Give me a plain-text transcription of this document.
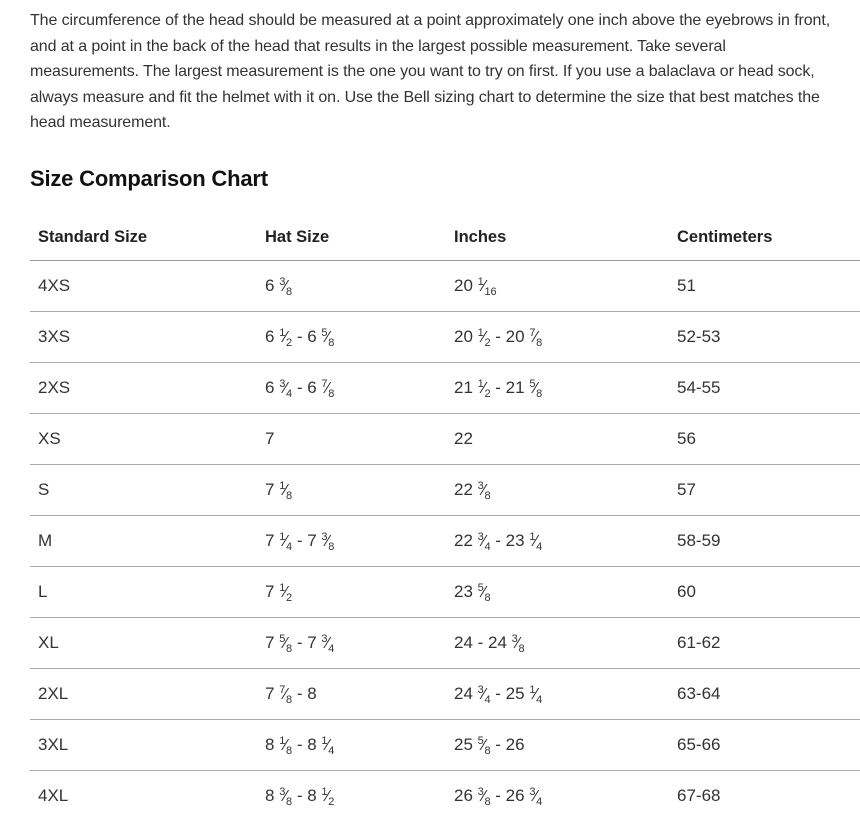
The circumference of the head should be measured at a point approximately one inch above the eyebrows in front, and at a point in the back of the head that results in the largest possible measurement. Take several measurements. The largest measurement is the one you want to try on first. If you use a balaclava or head sock, always measure and fit the helmet with it on. Use the Bell sizing chart to determine the size that best matches the head measurement.

Size Comparison Chart
Standard Size	Hat Size	Inches	Centimeters
4XS	6 $^3⁄_8$	20 $^1⁄_{16}$	51
3XS	6 $^1⁄_2 - 6$ $^5⁄_8$	20 $^1⁄_2 - 20$ $^7⁄_8$	52-53
2XS	6 $^3⁄_4 - 6$ $^7⁄_8$	21 $^1⁄_2 - 21$ $^5⁄_8$	54-55
XS	7	22	56
S	7 $^1⁄_8$	22 $^3⁄_8$	57
M	7 $^1⁄_4 - 7$ $^3⁄_8$	22 $^3⁄_4 - 23$ $^1⁄_4$	58-59
L	7 $^1⁄_2$	23 $^5⁄_8$	60
XL	7 $^5⁄_8 - 7$ $^3⁄_4$	24 - 24 $^3⁄_8$	61-62
2XL	7 $^7⁄_8 - 8$	24 $^3⁄_4 - 25$ $^1⁄_4$	63-64
3XL	8 $^1⁄_8 - 8$ $^1⁄_4$	25 $^5⁄_8 - 26$	65-66
4XL	8 $^3⁄_8 - 8$ $^1⁄_2$	26 $^3⁄_8 - 26$ $^3⁄_4$	67-68
